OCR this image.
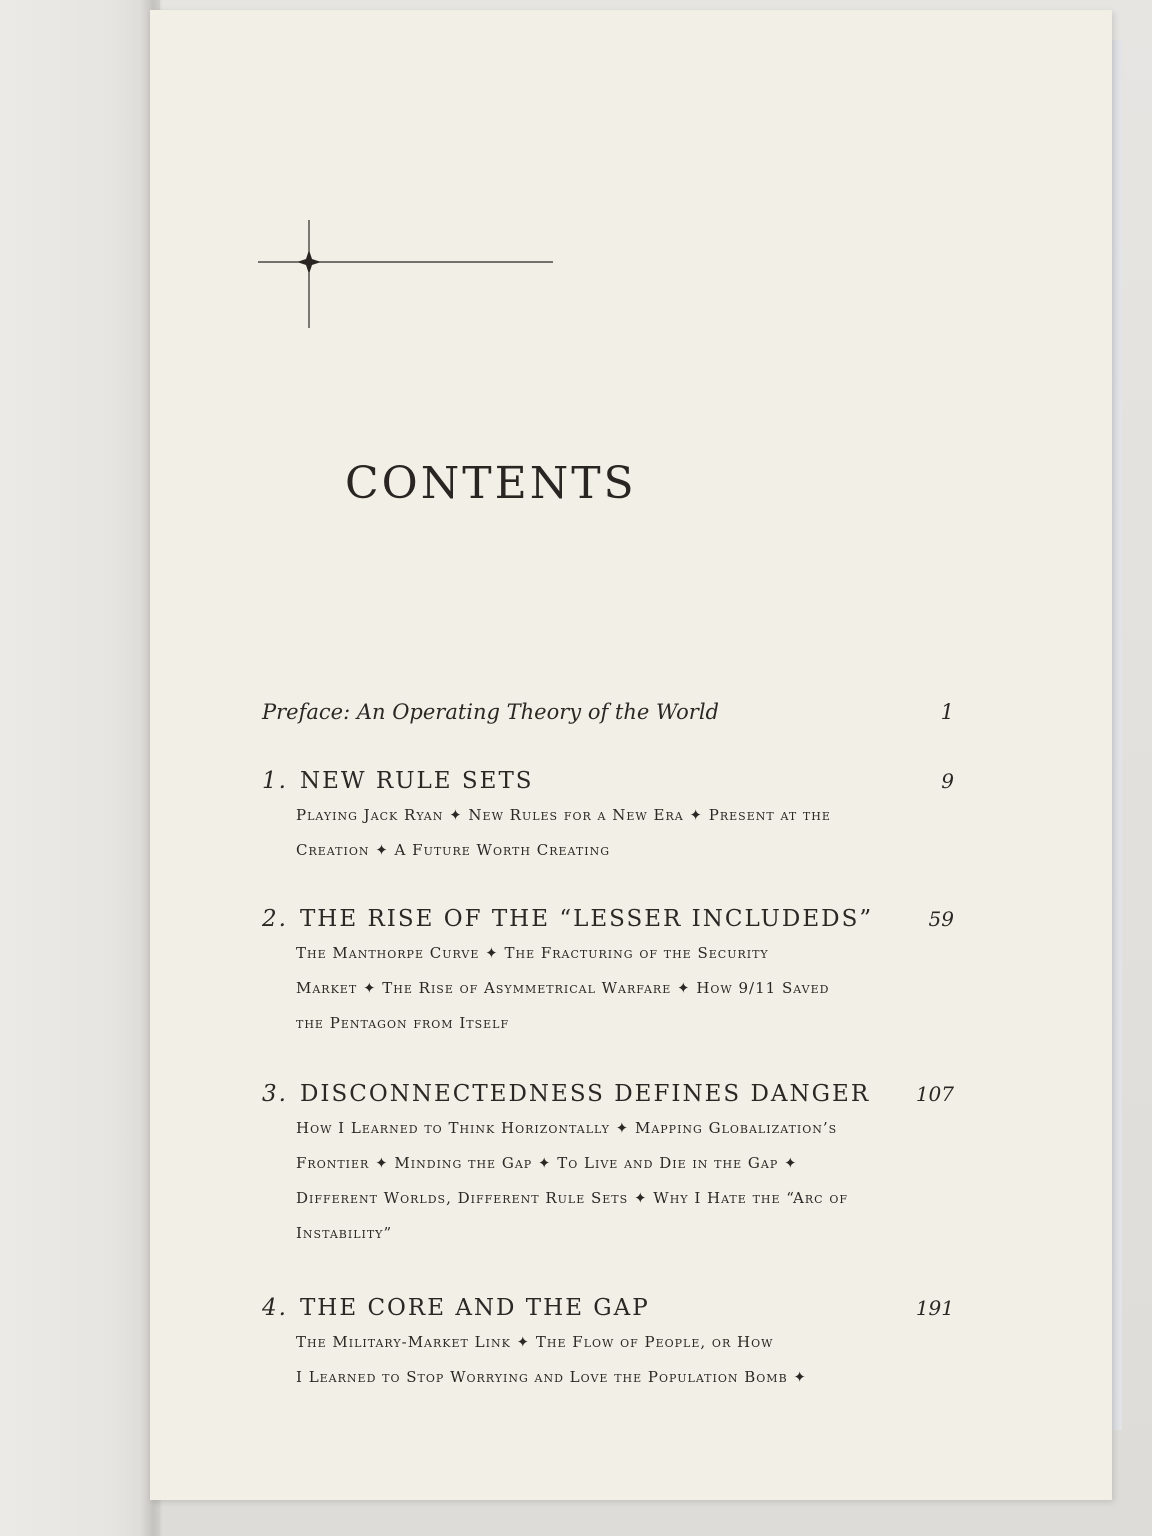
CONTENTS
Preface: An Operating Theory of the World	1
1. NEW RULE SETS	9
Playing Jack Ryan ✦ New Rules for a New Era ✦ Present at the
Creation ✦ A Future Worth Creating
2. THE RISE OF THE “LESSER INCLUDEDS”	59
The Manthorpe Curve ✦ The Fracturing of the Security
Market ✦ The Rise of Asymmetrical Warfare ✦ How 9/11 Saved
the Pentagon from Itself
3. DISCONNECTEDNESS DEFINES DANGER 107
How I Learned to Think Horizontally ✦ Mapping Globalization’s
Frontier ✦ Minding the Gap ✦ To Live and Die in the Gap ✦
Different Worlds, Different Rule Sets ✦ Why I Hate the “Arc of
Instability”
4. THE CORE AND THE GAP	191
The Military-Market Link ✦ The Flow of People, or How
I Learned to Stop Worrying and Love the Population Bomb ✦
